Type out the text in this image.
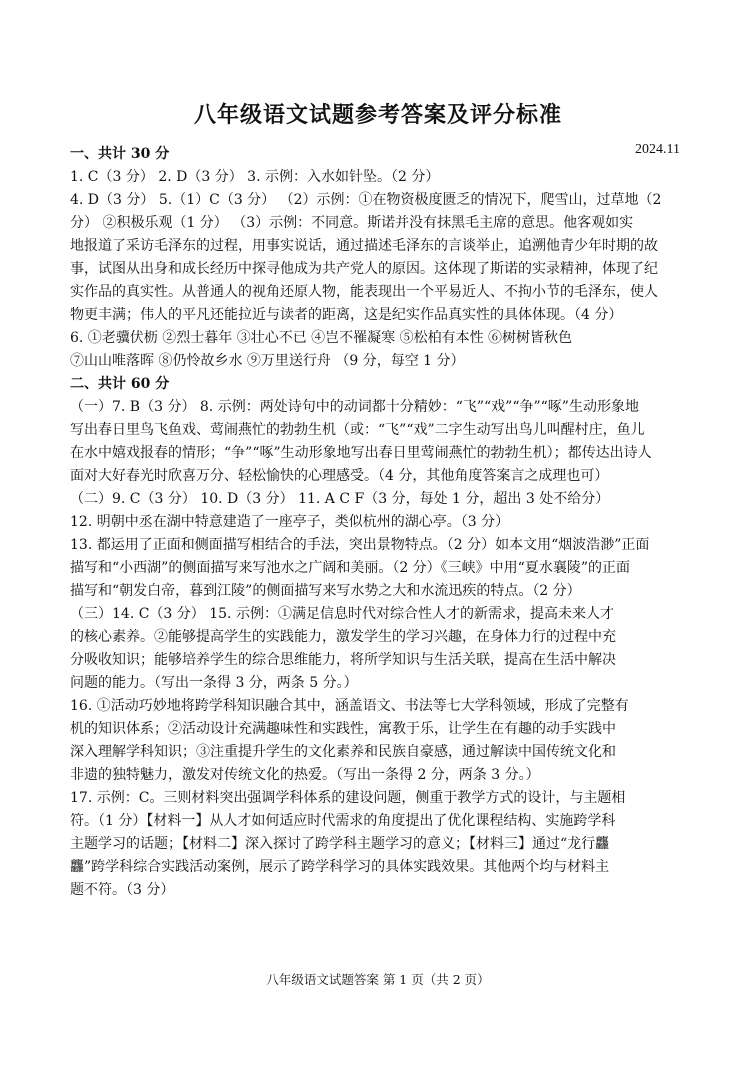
八年级语文试题参考答案及评分标准
2024.11
一、共计 30 分
1. C（3 分） 2. D（3 分） 3. 示例：入水如针坠。（2 分）
4. D（3 分） 5.（1）C（3 分） （2）示例：①在物资极度匮乏的情况下，爬雪山，过草地（2
分） ②积极乐观（1 分） （3）示例：不同意。斯诺并没有抹黑毛主席的意思。他客观如实
地报道了采访毛泽东的过程，用事实说话，通过描述毛泽东的言谈举止，追溯他青少年时期的故
事，试图从出身和成长经历中探寻他成为共产党人的原因。这体现了斯诺的实录精神，体现了纪
实作品的真实性。从普通人的视角还原人物，能表现出一个平易近人、不拘小节的毛泽东，使人
物更丰满；伟人的平凡还能拉近与读者的距离，这是纪实作品真实性的具体体现。（4 分）
6. ①老骥伏枥 ②烈士暮年 ③壮心不已 ④岂不罹凝寒 ⑤松柏有本性 ⑥树树皆秋色
⑦山山唯落晖 ⑧仍怜故乡水 ⑨万里送行舟 （9 分，每空 1 分）
二、共计 60 分
（一）7. B（3 分） 8. 示例：两处诗句中的动词都十分精妙：“飞”“戏”“争”“啄”生动形象地
写出春日里鸟飞鱼戏、莺闹燕忙的勃勃生机（或：“飞”“戏”二字生动写出鸟儿叫醒村庄，鱼儿
在水中嬉戏报春的情形；“争”“啄”生动形象地写出春日里莺闹燕忙的勃勃生机）；都传达出诗人
面对大好春光时欣喜万分、轻松愉快的心理感受。（4 分，其他角度答案言之成理也可）
（二）9. C（3 分） 10. D（3 分） 11. A C F（3 分，每处 1 分，超出 3 处不给分）
12. 明朝中丞在湖中特意建造了一座亭子，类似杭州的湖心亭。（3 分）
13. 都运用了正面和侧面描写相结合的手法，突出景物特点。（2 分）如本文用“烟波浩渺”正面
描写和“小西湖”的侧面描写来写池水之广阔和美丽。（2 分）《三峡》中用“夏水襄陵”的正面
描写和“朝发白帝，暮到江陵”的侧面描写来写水势之大和水流迅疾的特点。（2 分）
（三）14. C（3 分） 15. 示例：①满足信息时代对综合性人才的新需求，提高未来人才
的核心素养。②能够提高学生的实践能力，激发学生的学习兴趣，在身体力行的过程中充
分吸收知识；能够培养学生的综合思维能力，将所学知识与生活关联，提高在生活中解决
问题的能力。（写出一条得 3 分，两条 5 分。）
16. ①活动巧妙地将跨学科知识融合其中，涵盖语文、书法等七大学科领域，形成了完整有
机的知识体系；②活动设计充满趣味性和实践性，寓教于乐，让学生在有趣的动手实践中
深入理解学科知识；③注重提升学生的文化素养和民族自豪感，通过解读中国传统文化和
非遗的独特魅力，激发对传统文化的热爱。（写出一条得 2 分，两条 3 分。）
17. 示例：C。三则材料突出强调学科体系的建设问题，侧重于教学方式的设计，与主题相
符。（1 分）【材料一】从人才如何适应时代需求的角度提出了优化课程结构、实施跨学科
主题学习的话题；【材料二】深入探讨了跨学科主题学习的意义；【材料三】通过“龙行龘
龘”跨学科综合实践活动案例，展示了跨学科学习的具体实践效果。其他两个均与材料主
题不符。（3 分）
八年级语文试题答案 第 1 页（共 2 页）
